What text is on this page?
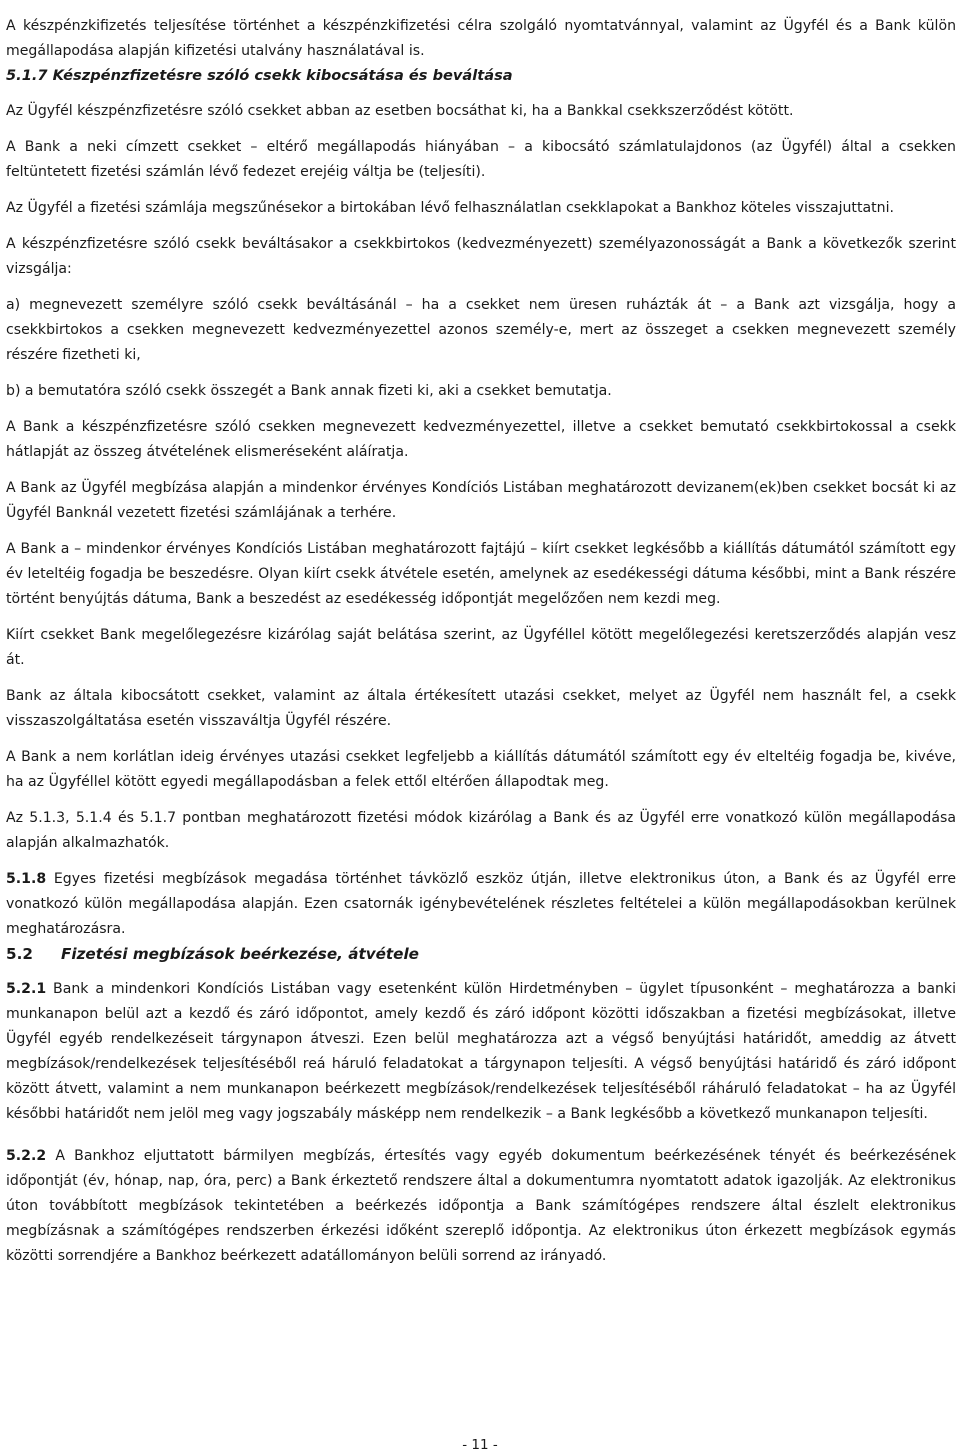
A készpénzkifizetés teljesítése történhet a készpénzkifizetési célra szolgáló nyomtatvánnyal, valamint az Ügyfél és a Bank külön megállapodása alapján kifizetési utalvány használatával is.

5.1.7 Készpénzfizetésre szóló csekk kibocsátása és beváltása

Az Ügyfél készpénzfizetésre szóló csekket abban az esetben bocsáthat ki, ha a Bankkal csekkszerződést kötött.

A Bank a neki címzett csekket – eltérő megállapodás hiányában – a kibocsátó számlatulajdonos (az Ügyfél) által a csekken feltüntetett fizetési számlán lévő fedezet erejéig váltja be (teljesíti).

Az Ügyfél a fizetési számlája megszűnésekor a birtokában lévő felhasználatlan csekklapokat a Bankhoz köteles visszajuttatni.

A készpénzfizetésre szóló csekk beváltásakor a csekkbirtokos (kedvezményezett) személyazonosságát a Bank a következők szerint vizsgálja:

a) megnevezett személyre szóló csekk beváltásánál – ha a csekket nem üresen ruházták át – a Bank azt vizsgálja, hogy a csekkbirtokos a csekken megnevezett kedvezményezettel azonos személy-e, mert az összeget a csekken megnevezett személy részére fizetheti ki,

b) a bemutatóra szóló csekk összegét a Bank annak fizeti ki, aki a csekket bemutatja.

A Bank a készpénzfizetésre szóló csekken megnevezett kedvezményezettel, illetve a csekket bemutató csekkbirtokossal a csekk hátlapját az összeg átvételének elismeréseként aláíratja.

A Bank az Ügyfél megbízása alapján a mindenkor érvényes Kondíciós Listában meghatározott devizanem(ek)ben csekket bocsát ki az Ügyfél Banknál vezetett fizetési számlájának a terhére.

A Bank a – mindenkor érvényes Kondíciós Listában meghatározott fajtájú – kiírt csekket legkésőbb a kiállítás dátumától számított egy év leteltéig fogadja be beszedésre. Olyan kiírt csekk átvétele esetén, amelynek az esedékességi dátuma későbbi, mint a Bank részére történt benyújtás dátuma, Bank a beszedést az esedékesség időpontját megelőzően nem kezdi meg.

Kiírt csekket Bank megelőlegezésre kizárólag saját belátása szerint, az Ügyféllel kötött megelőlegezési keretszerződés alapján vesz át.

Bank az általa kibocsátott csekket, valamint az általa értékesített utazási csekket, melyet az Ügyfél nem használt fel, a csekk visszaszolgáltatása esetén visszaváltja Ügyfél részére.

A Bank a nem korlátlan ideig érvényes utazási csekket legfeljebb a kiállítás dátumától számított egy év elteltéig fogadja be, kivéve, ha az Ügyféllel kötött egyedi megállapodásban a felek ettől eltérően állapodtak meg.

Az 5.1.3, 5.1.4 és 5.1.7 pontban meghatározott fizetési módok kizárólag a Bank és az Ügyfél erre vonatkozó külön megállapodása alapján alkalmazhatók.

5.1.8 Egyes fizetési megbízások megadása történhet távközlő eszköz útján, illetve elektronikus úton, a Bank és az Ügyfél erre vonatkozó külön megállapodása alapján. Ezen csatornák igénybevételének részletes feltételei a külön megállapodásokban kerülnek meghatározásra.

5.2 Fizetési megbízások beérkezése, átvétele

5.2.1 Bank a mindenkori Kondíciós Listában vagy esetenként külön Hirdetményben – ügylet típusonként – meghatározza a banki munkanapon belül azt a kezdő és záró időpontot, amely kezdő és záró időpont közötti időszakban a fizetési megbízásokat, illetve Ügyfél egyéb rendelkezéseit tárgynapon átveszi. Ezen belül meghatározza azt a végső benyújtási határidőt, ameddig az átvett megbízások/rendelkezések teljesítéséből reá háruló feladatokat a tárgynapon teljesíti. A végső benyújtási határidő és záró időpont között átvett, valamint a nem munkanapon beérkezett megbízások/rendelkezések teljesítéséből ráháruló feladatokat – ha az Ügyfél későbbi határidőt nem jelöl meg vagy jogszabály másképp nem rendelkezik – a Bank legkésőbb a következő munkanapon teljesíti.

5.2.2 A Bankhoz eljuttatott bármilyen megbízás, értesítés vagy egyéb dokumentum beérkezésének tényét és beérkezésének időpontját (év, hónap, nap, óra, perc) a Bank érkeztető rendszere által a dokumentumra nyomtatott adatok igazolják. Az elektronikus úton továbbított megbízások tekintetében a beérkezés időpontja a Bank számítógépes rendszere által észlelt elektronikus megbízásnak a számítógépes rendszerben érkezési időként szereplő időpontja. Az elektronikus úton érkezett megbízások egymás közötti sorrendjére a Bankhoz beérkezett adatállományon belüli sorrend az irányadó.

- 11 -
